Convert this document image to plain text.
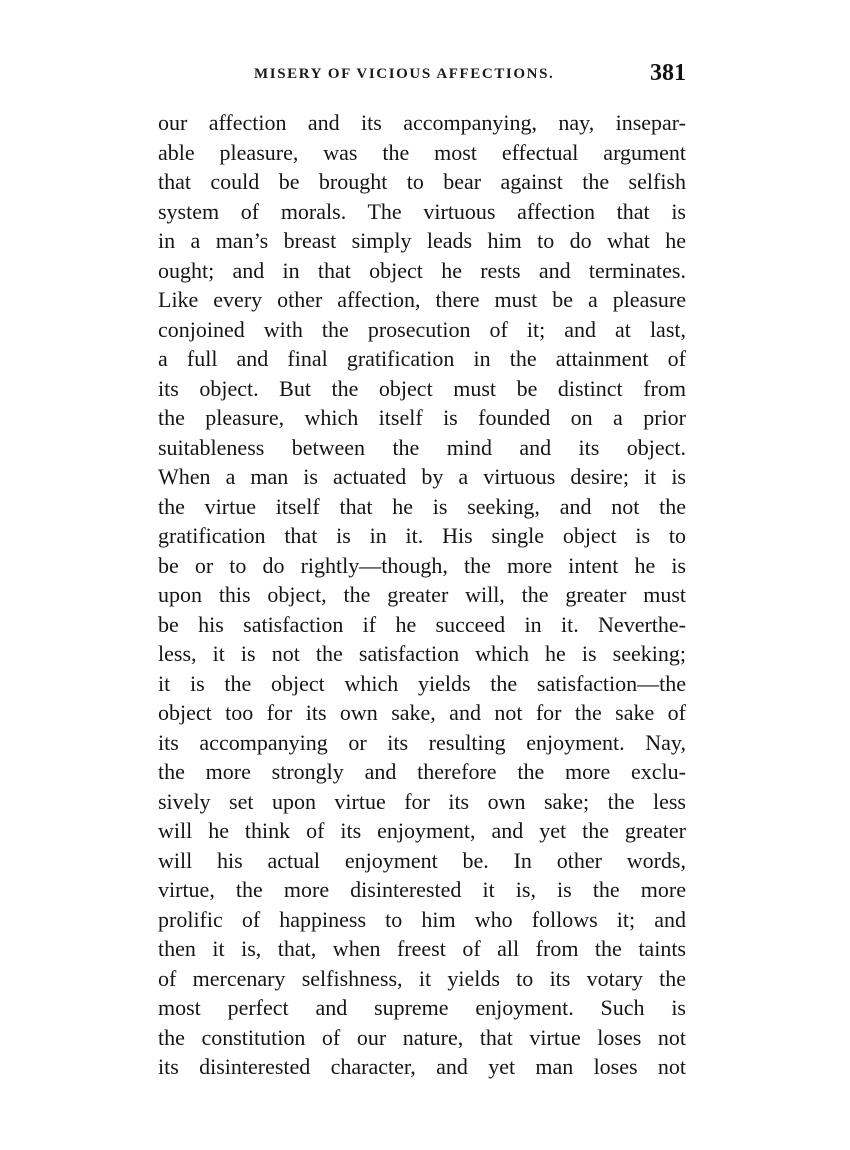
MISERY OF VICIOUS AFFECTIONS.	381
our affection and its accompanying, nay, insepar-
able pleasure, was the most effectual argument
that could be brought to bear against the selfish
system of morals. The virtuous affection that is
in a man’s breast simply leads him to do what he
ought; and in that object he rests and terminates.
Like every other affection, there must be a pleasure
conjoined with the prosecution of it; and at last,
a full and final gratification in the attainment of
its object. But the object must be distinct from
the pleasure, which itself is founded on a prior
suitableness between the mind and its object.
When a man is actuated by a virtuous desire; it is
the virtue itself that he is seeking, and not the
gratification that is in it. His single object is to
be or to do rightly—though, the more intent he is
upon this object, the greater will, the greater must
be his satisfaction if he succeed in it. Neverthe-
less, it is not the satisfaction which he is seeking;
it is the object which yields the satisfaction—the
object too for its own sake, and not for the sake of
its accompanying or its resulting enjoyment. Nay,
the more strongly and therefore the more exclu-
sively set upon virtue for its own sake; the less
will he think of its enjoyment, and yet the greater
will his actual enjoyment be. In other words,
virtue, the more disinterested it is, is the more
prolific of happiness to him who follows it; and
then it is, that, when freest of all from the taints
of mercenary selfishness, it yields to its votary the
most perfect and supreme enjoyment. Such is
the constitution of our nature, that virtue loses not
its disinterested character, and yet man loses not
